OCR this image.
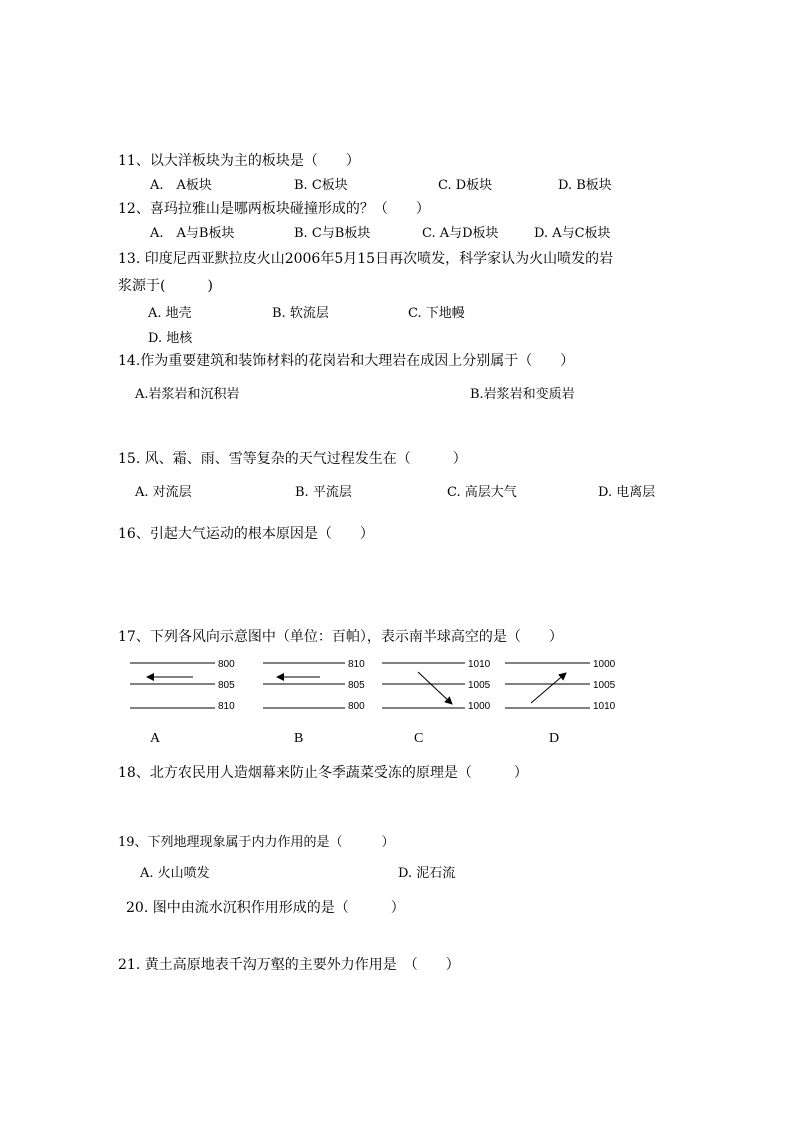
11、以大洋板块为主的板块是（　　）
A.　A板块	B. C板块	C. D板块	D. B板块
12、喜玛拉雅山是哪两板块碰撞形成的？（　　）
A.　A与B板块	B. C与B板块	C. A与D板块	D. A与C板块
13. 印度尼西亚默拉皮火山2006年5月15日再次喷发，科学家认为火山喷发的岩
浆源于(　　　)
A. 地壳	B. 软流层	C. 下地幔
D. 地核
14.作为重要建筑和装饰材料的花岗岩和大理岩在成因上分别属于（　　）
A.岩浆岩和沉积岩	B.岩浆岩和变质岩
15. 风、霜、雨、雪等复杂的天气过程发生在（　　　）
A. 对流层	B. 平流层	C. 高层大气	D. 电离层
16、引起大气运动的根本原因是（　　）
17、下列各风向示意图中（单位：百帕），表示南半球高空的是（　　）
800
805
810
810
805
800
1010
1005
1000
1000
1005
1010
A	B	C	D
18、北方农民用人造烟幕来防止冬季蔬菜受冻的原理是（　　　）
19、下列地理现象属于内力作用的是（　　　）
A. 火山喷发	D. 泥石流
20. 图中由流水沉积作用形成的是（　　　）
21. 黄土高原地表千沟万壑的主要外力作用是　（　　）
